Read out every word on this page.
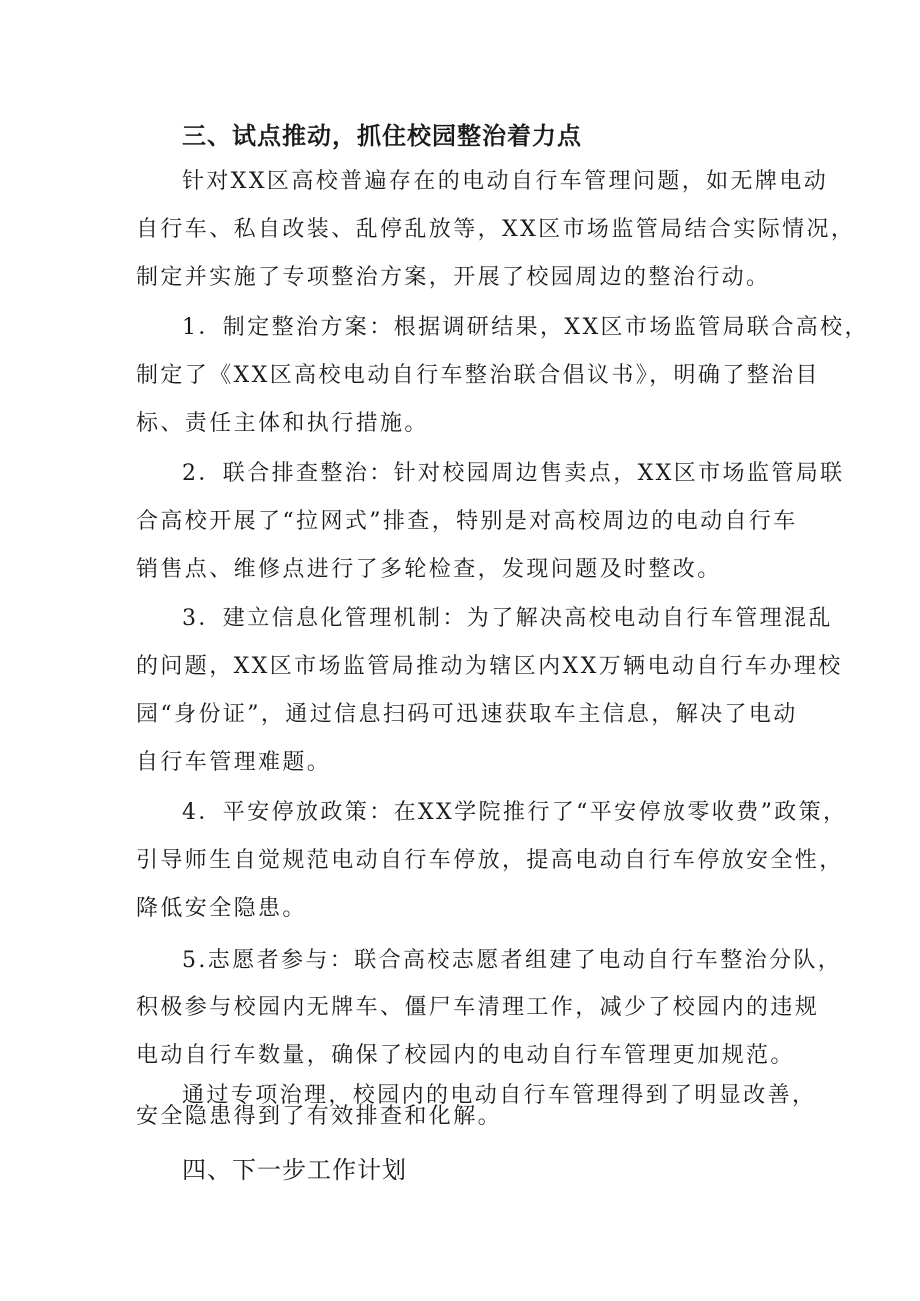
三、试点推动，抓住校园整治着力点

针对XX区高校普遍存在的电动自行车管理问题，如无牌电动

自行车、私自改装、乱停乱放等，XX区市场监管局结合实际情况，

制定并实施了专项整治方案，开展了校园周边的整治行动。

1．制定整治方案：根据调研结果，XX区市场监管局联合高校，

制定了《XX区高校电动自行车整治联合倡议书》，明确了整治目

标、责任主体和执行措施。

2．联合排查整治：针对校园周边售卖点，XX区市场监管局联

合高校开展了“拉网式”排查，特别是对高校周边的电动自行车

销售点、维修点进行了多轮检查，发现问题及时整改。

3．建立信息化管理机制：为了解决高校电动自行车管理混乱

的问题，XX区市场监管局推动为辖区内XX万辆电动自行车办理校

园“身份证”，通过信息扫码可迅速获取车主信息，解决了电动

自行车管理难题。

4．平安停放政策：在XX学院推行了“平安停放零收费”政策，

引导师生自觉规范电动自行车停放，提高电动自行车停放安全性，

降低安全隐患。

5.志愿者参与：联合高校志愿者组建了电动自行车整治分队，

积极参与校园内无牌车、僵尸车清理工作，减少了校园内的违规

电动自行车数量，确保了校园内的电动自行车管理更加规范。

通过专项治理，校园内的电动自行车管理得到了明显改善，

安全隐患得到了有效排查和化解。

四、下一步工作计划
